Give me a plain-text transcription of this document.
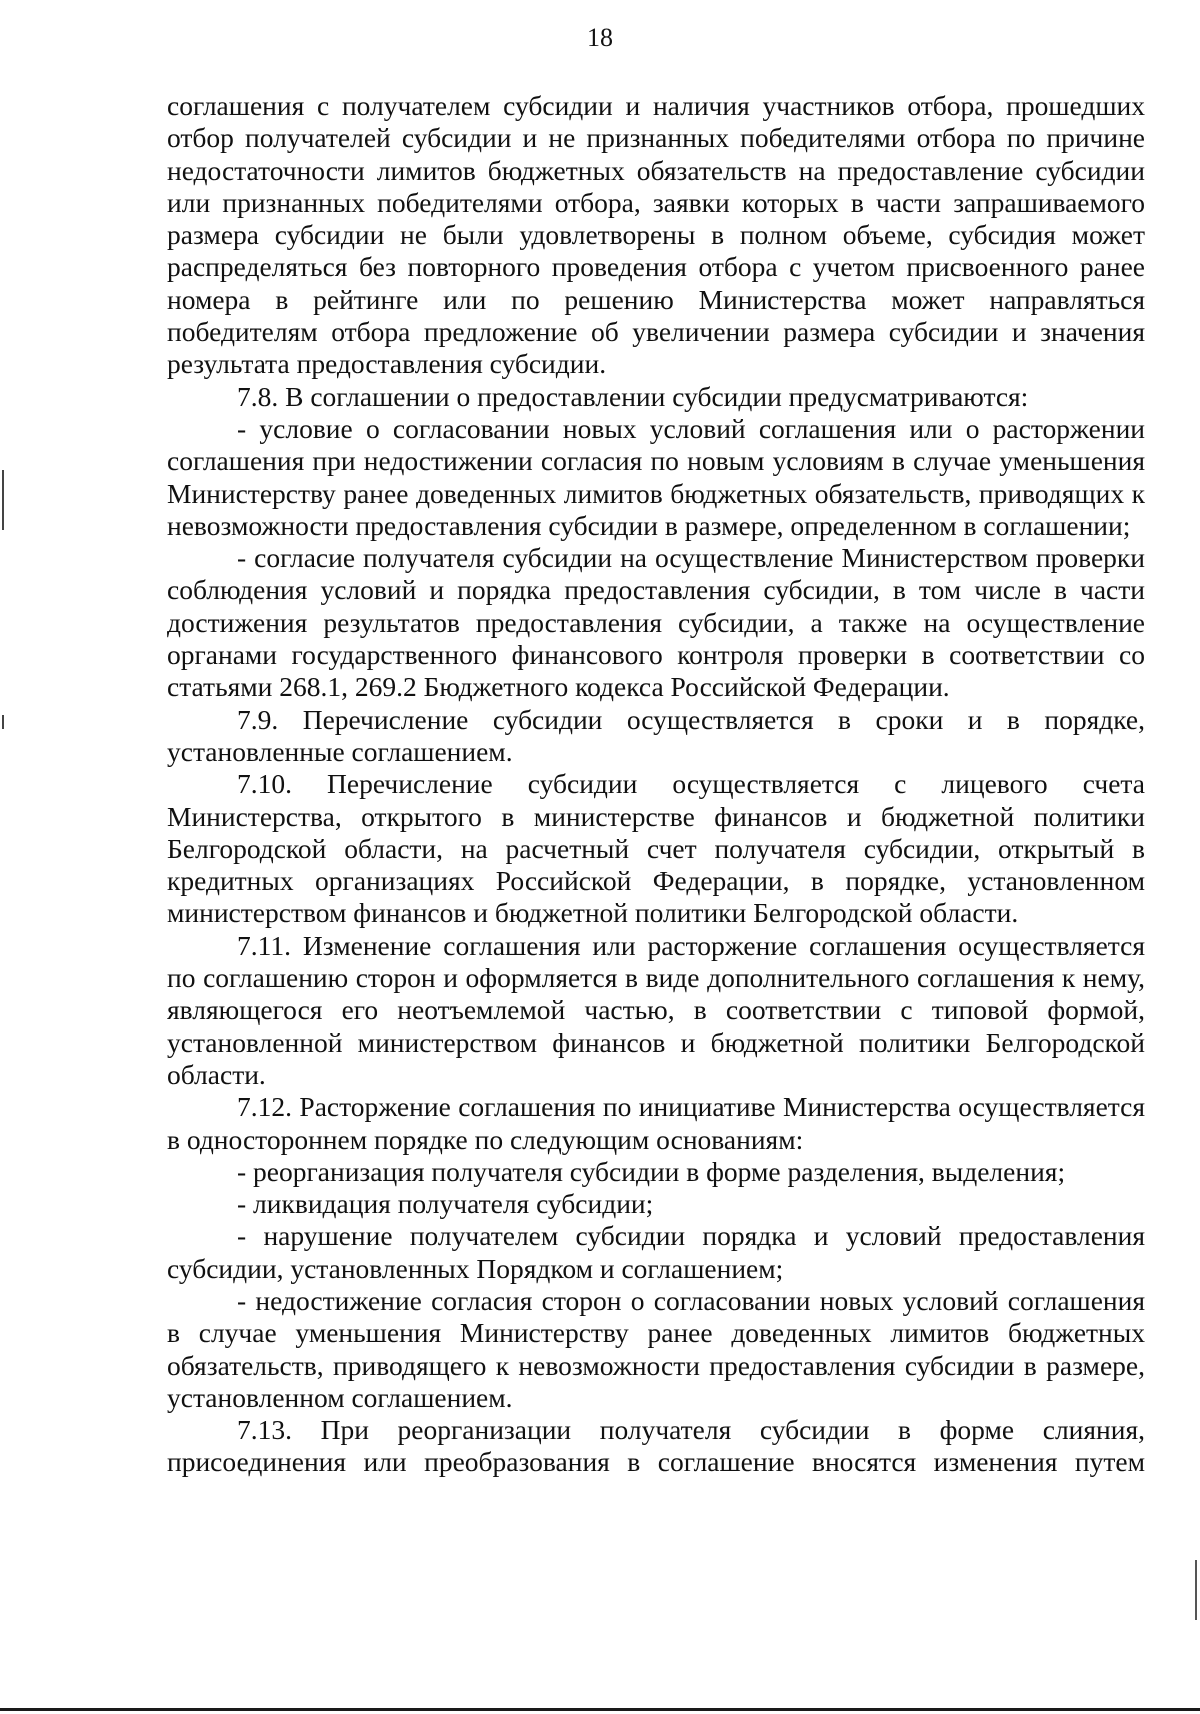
18

соглашения с получателем субсидии и наличия участников отбора, прошедших отбор получателей субсидии и не признанных победителями отбора по причине недостаточности лимитов бюджетных обязательств на предоставление субсидии или признанных победителями отбора, заявки которых в части запрашиваемого размера субсидии не были удовлетворены в полном объеме, субсидия может распределяться без повторного проведения отбора с учетом присвоенного ранее номера в рейтинге или по решению Министерства может направляться победителям отбора предложение об увеличении размера субсидии и значения результата предоставления субсидии.

7.8. В соглашении о предоставлении субсидии предусматриваются:

- условие о согласовании новых условий соглашения или о расторжении соглашения при недостижении согласия по новым условиям в случае уменьшения Министерству ранее доведенных лимитов бюджетных обязательств, приводящих к невозможности предоставления субсидии в размере, определенном в соглашении;

- согласие получателя субсидии на осуществление Министерством проверки соблюдения условий и порядка предоставления субсидии, в том числе в части достижения результатов предоставления субсидии, а также на осуществление органами государственного финансового контроля проверки в соответствии со статьями 268.1, 269.2 Бюджетного кодекса Российской Федерации.

7.9. Перечисление субсидии осуществляется в сроки и в порядке, установленные соглашением.

7.10. Перечисление субсидии осуществляется с лицевого счета Министерства, открытого в министерстве финансов и бюджетной политики Белгородской области, на расчетный счет получателя субсидии, открытый в кредитных организациях Российской Федерации, в порядке, установленном министерством финансов и бюджетной политики Белгородской области.

7.11. Изменение соглашения или расторжение соглашения осуществляется по соглашению сторон и оформляется в виде дополнительного соглашения к нему, являющегося его неотъемлемой частью, в соответствии с типовой формой, установленной министерством финансов и бюджетной политики Белгородской области.

7.12. Расторжение соглашения по инициативе Министерства осуществляется в одностороннем порядке по следующим основаниям:

- реорганизация получателя субсидии в форме разделения, выделения;

- ликвидация получателя субсидии;

- нарушение получателем субсидии порядка и условий предоставления субсидии, установленных Порядком и соглашением;

- недостижение согласия сторон о согласовании новых условий соглашения в случае уменьшения Министерству ранее доведенных лимитов бюджетных обязательств, приводящего к невозможности предоставления субсидии в размере, установленном соглашением.

7.13. При реорганизации получателя субсидии в форме слияния, присоединения или преобразования в соглашение вносятся изменения путем
